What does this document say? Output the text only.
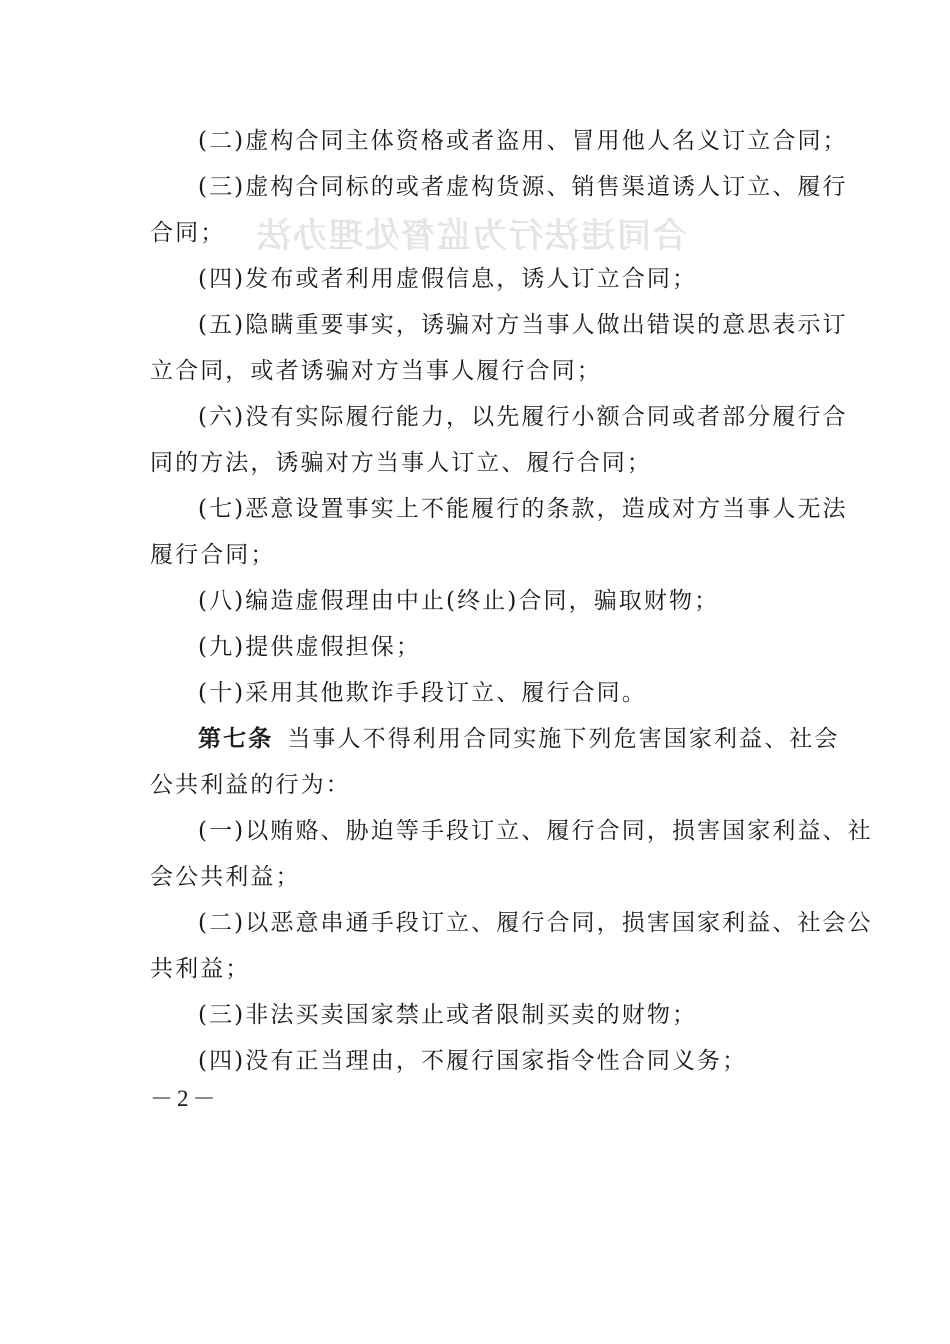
合同违法行为监督处理办法
(二)虚构合同主体资格或者盗用、冒用他人名义订立合同；
(三)虚构合同标的或者虚构货源、销售渠道诱人订立、履行
合同；
(四)发布或者利用虚假信息，诱人订立合同；
(五)隐瞒重要事实，诱骗对方当事人做出错误的意思表示订
立合同，或者诱骗对方当事人履行合同；
(六)没有实际履行能力，以先履行小额合同或者部分履行合
同的方法，诱骗对方当事人订立、履行合同；
(七)恶意设置事实上不能履行的条款，造成对方当事人无法
履行合同；
(八)编造虚假理由中止(终止)合同，骗取财物；
(九)提供虚假担保；
(十)采用其他欺诈手段订立、履行合同。
第七条 当事人不得利用合同实施下列危害国家利益、社会
公共利益的行为：
(一)以贿赂、胁迫等手段订立、履行合同，损害国家利益、社
会公共利益；
(二)以恶意串通手段订立、履行合同，损害国家利益、社会公
共利益；
(三)非法买卖国家禁止或者限制买卖的财物；
(四)没有正当理由，不履行国家指令性合同义务；
－2－
